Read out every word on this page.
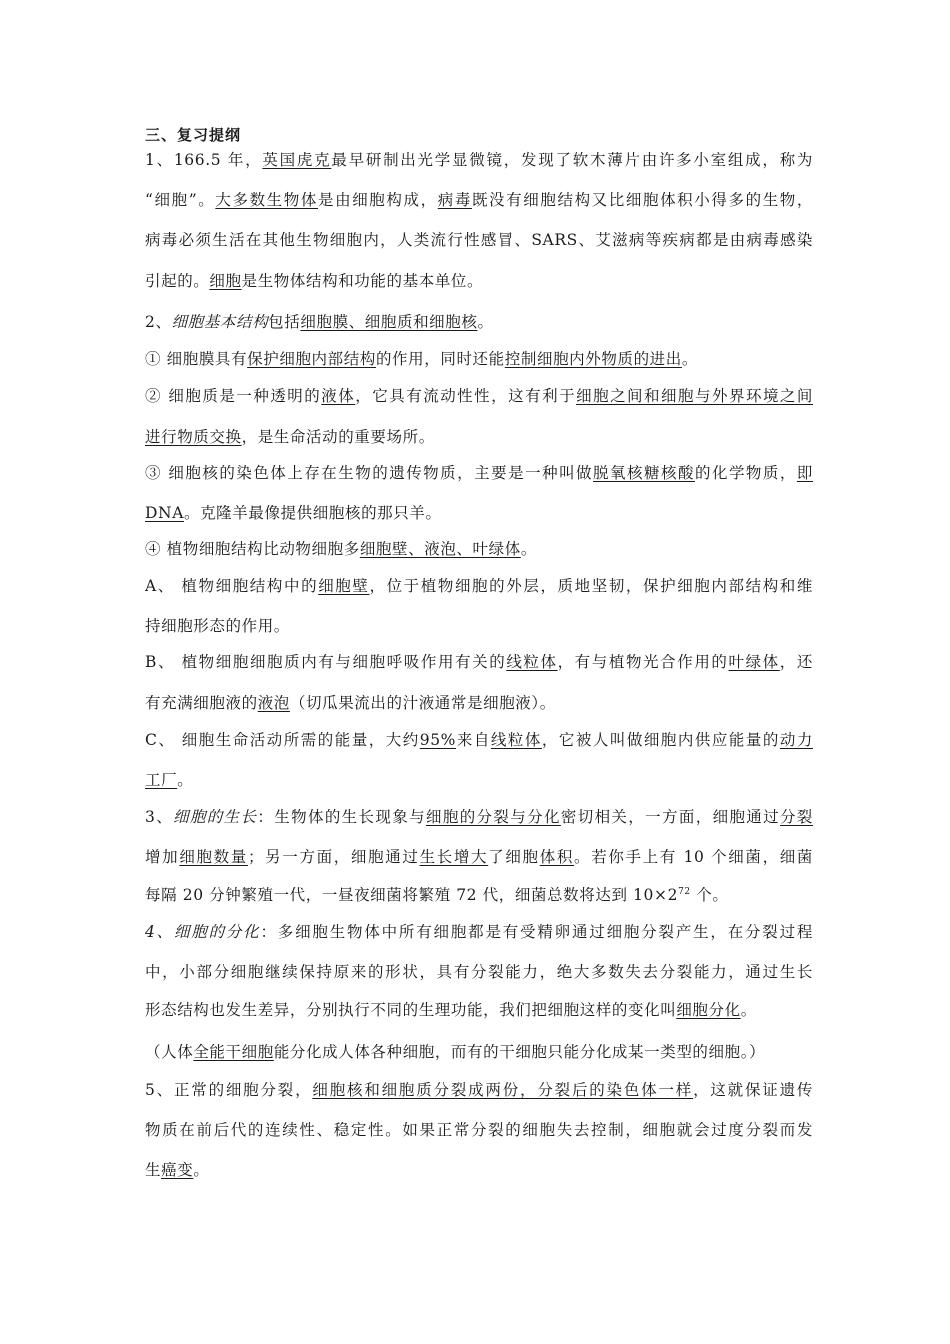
三、复习提纲
1、166.5 年，英国虎克最早研制出光学显微镜，发现了软木薄片由许多小室组成，称为
“细胞”。大多数生物体是由细胞构成，病毒既没有细胞结构又比细胞体积小得多的生物，
病毒必须生活在其他生物细胞内，人类流行性感冒、SARS、艾滋病等疾病都是由病毒感染
引起的。细胞是生物体结构和功能的基本单位。
2、细胞基本结构包括细胞膜、细胞质和细胞核。
① 细胞膜具有保护细胞内部结构的作用，同时还能控制细胞内外物质的进出。
② 细胞质是一种透明的液体，它具有流动性性，这有利于细胞之间和细胞与外界环境之间
进行物质交换，是生命活动的重要场所。
③ 细胞核的染色体上存在生物的遗传物质，主要是一种叫做脱氧核糖核酸的化学物质，即
DNA。克隆羊最像提供细胞核的那只羊。
④ 植物细胞结构比动物细胞多细胞壁、液泡、叶绿体。
A、 植物细胞结构中的细胞壁，位于植物细胞的外层，质地坚韧，保护细胞内部结构和维
持细胞形态的作用。
B、 植物细胞细胞质内有与细胞呼吸作用有关的线粒体，有与植物光合作用的叶绿体，还
有充满细胞液的液泡（切瓜果流出的汁液通常是细胞液）。
C、 细胞生命活动所需的能量，大约95%来自线粒体，它被人叫做细胞内供应能量的动力
工厂。
3、细胞的生长：生物体的生长现象与细胞的分裂与分化密切相关，一方面，细胞通过分裂
增加细胞数量；另一方面，细胞通过生长增大了细胞体积。若你手上有 10 个细菌，细菌
每隔 20 分钟繁殖一代，一昼夜细菌将繁殖 72 代，细菌总数将达到 $10\times 2^{72}$ 个。
4、细胞的分化：多细胞生物体中所有细胞都是有受精卵通过细胞分裂产生，在分裂过程
中，小部分细胞继续保持原来的形状，具有分裂能力，绝大多数失去分裂能力，通过生长
形态结构也发生差异，分别执行不同的生理功能，我们把细胞这样的变化叫细胞分化。
（人体全能干细胞能分化成人体各种细胞，而有的干细胞只能分化成某一类型的细胞。）
5、正常的细胞分裂，细胞核和细胞质分裂成两份，分裂后的染色体一样，这就保证遗传
物质在前后代的连续性、稳定性。如果正常分裂的细胞失去控制，细胞就会过度分裂而发
生癌变。
